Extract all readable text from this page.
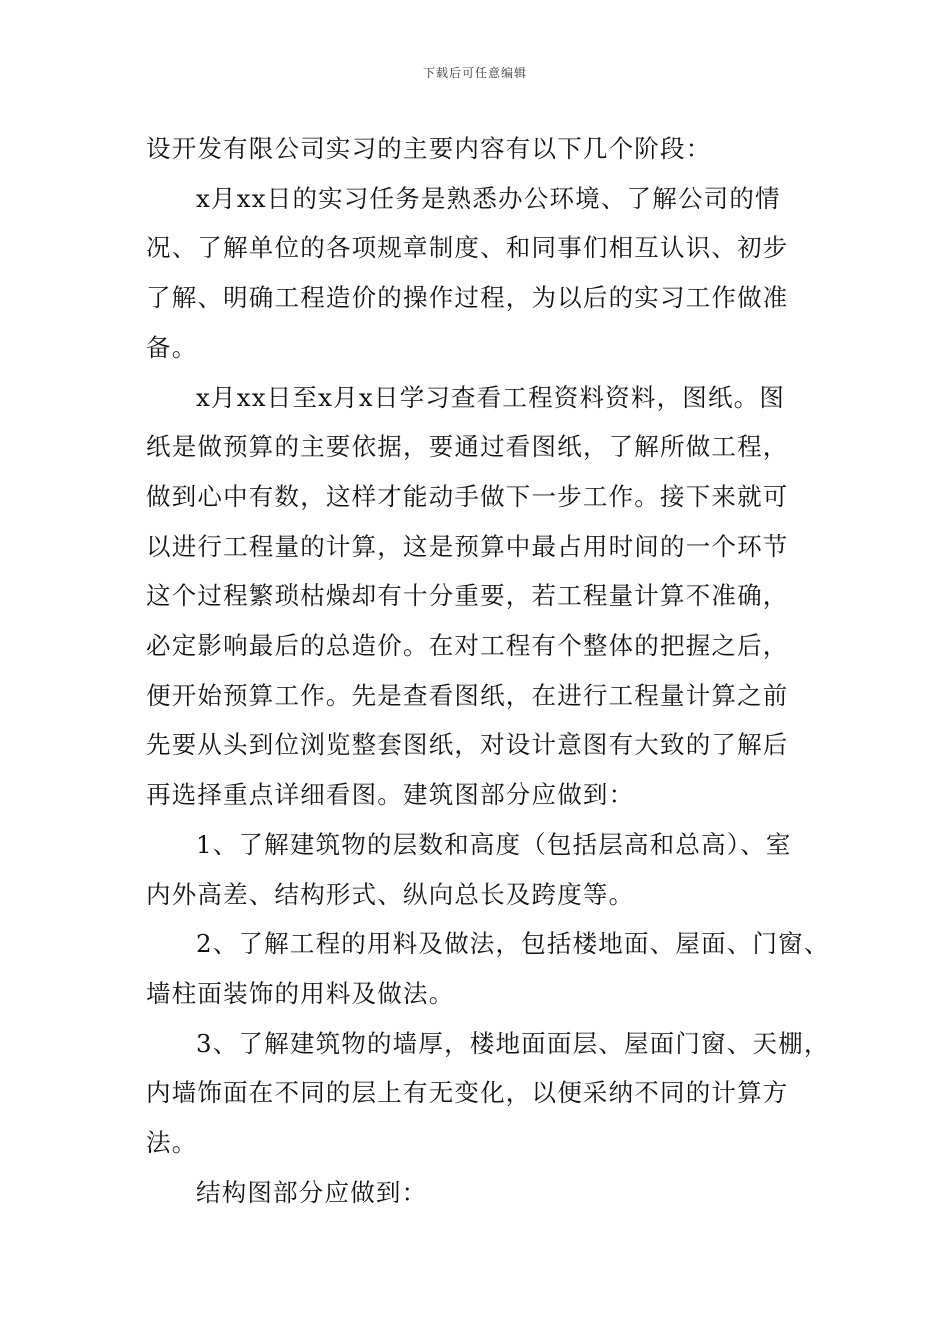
下载后可任意编辑

设开发有限公司实习的主要内容有以下几个阶段：

x月xx日的实习任务是熟悉办公环境、了解公司的情
况、了解单位的各项规章制度、和同事们相互认识、初步
了解、明确工程造价的操作过程，为以后的实习工作做准
备。

x月xx日至x月x日学习查看工程资料资料，图纸。图
纸是做预算的主要依据，要通过看图纸，了解所做工程，
做到心中有数，这样才能动手做下一步工作。接下来就可
以进行工程量的计算，这是预算中最占用时间的一个环节
这个过程繁琐枯燥却有十分重要，若工程量计算不准确，
必定影响最后的总造价。在对工程有个整体的把握之后，
便开始预算工作。先是查看图纸，在进行工程量计算之前
先要从头到位浏览整套图纸，对设计意图有大致的了解后
再选择重点详细看图。建筑图部分应做到：

1、了解建筑物的层数和高度（包括层高和总高）、室
内外高差、结构形式、纵向总长及跨度等。

2、了解工程的用料及做法，包括楼地面、屋面、门窗、
墙柱面装饰的用料及做法。

3、了解建筑物的墙厚，楼地面面层、屋面门窗、天棚，
内墙饰面在不同的层上有无变化，以便采纳不同的计算方
法。

结构图部分应做到：
